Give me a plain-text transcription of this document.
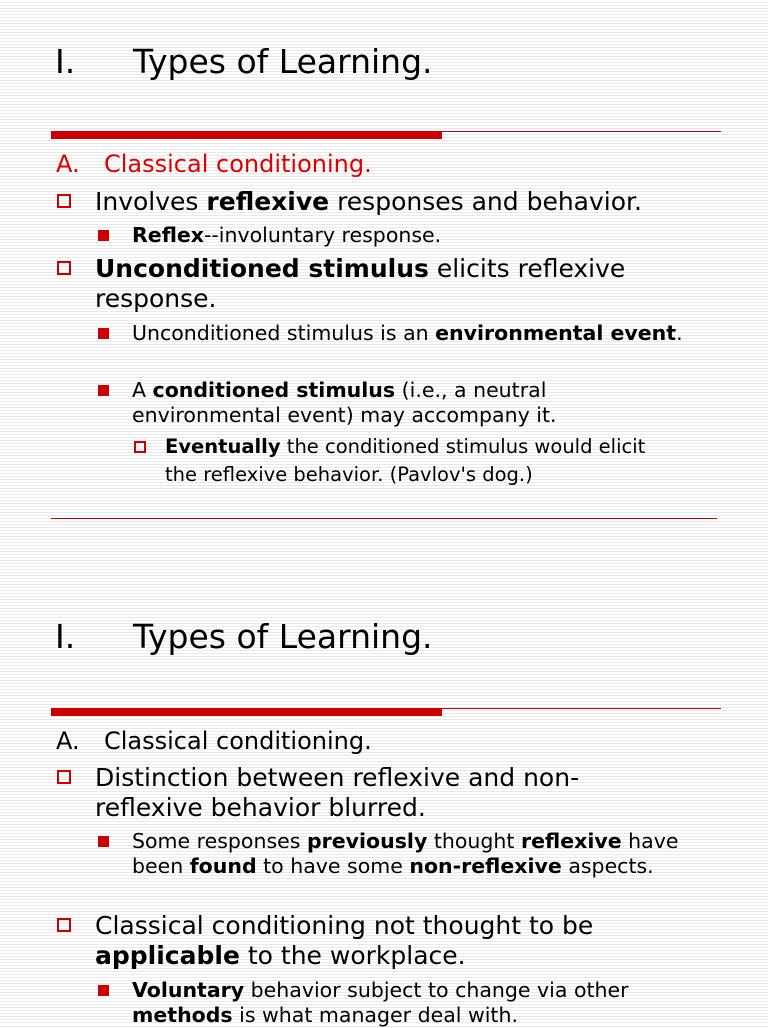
I. Types of Learning.
A. Classical conditioning.
Involves reflexive responses and behavior.
Reflex--involuntary response.
Unconditioned stimulus elicits reflexive response.
Unconditioned stimulus is an environmental event.
A conditioned stimulus (i.e., a neutral environmental event) may accompany it.
Eventually the conditioned stimulus would elicit the reflexive behavior. (Pavlov's dog.)
I. Types of Learning.
A. Classical conditioning.
Distinction between reflexive and non-reflexive behavior blurred.
Some responses previously thought reflexive have been found to have some non-reflexive aspects.
Classical conditioning not thought to be applicable to the workplace.
Voluntary behavior subject to change via other methods is what manager deal with.
